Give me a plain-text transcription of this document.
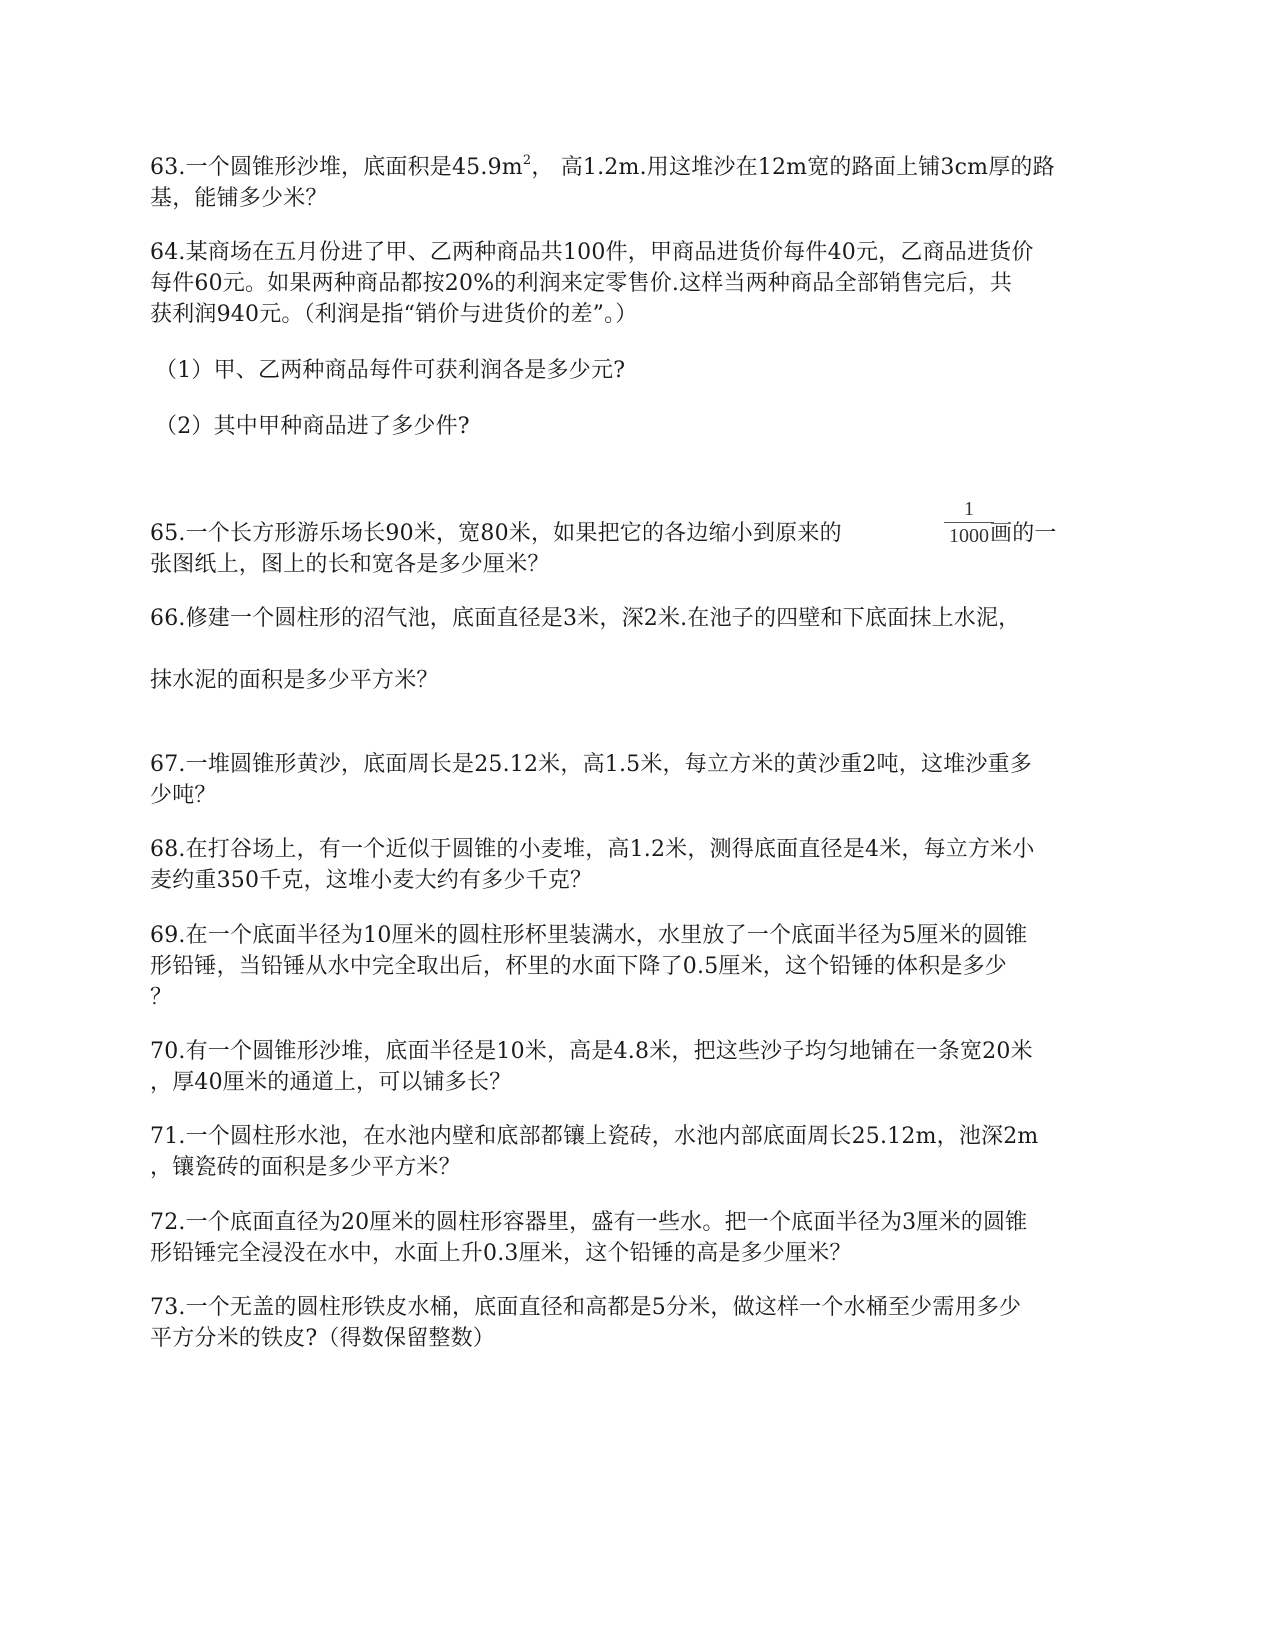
63.一个圆锥形沙堆，底面积是$45.9m^2$， 高1.2m.用这堆沙在12m宽的路面上铺3cm厚的路
基，能铺多少米？
64.某商场在五月份进了甲、乙两种商品共100件，甲商品进货价每件40元，乙商品进货价
每件60元。如果两种商品都按20%的利润来定零售价.这样当两种商品全部销售完后，共
获利润940元。（利润是指“销价与进货价的差”。）
（1）甲、乙两种商品每件可获利润各是多少元?
（2）其中甲种商品进了多少件?
1
1000
65.一个长方形游乐场长90米，宽80米，如果把它的各边缩小到原来的	画的一
张图纸上，图上的长和宽各是多少厘米？
66.修建一个圆柱形的沼气池，底面直径是3米，深2米.在池子的四壁和下底面抹上水泥，
抹水泥的面积是多少平方米？
67.一堆圆锥形黄沙，底面周长是25.12米，高1.5米，每立方米的黄沙重2吨，这堆沙重多
少吨？
68.在打谷场上，有一个近似于圆锥的小麦堆，高1.2米，测得底面直径是4米，每立方米小
麦约重350千克，这堆小麦大约有多少千克？
69.在一个底面半径为10厘米的圆柱形杯里装满水，水里放了一个底面半径为5厘米的圆锥
形铅锤，当铅锤从水中完全取出后，杯里的水面下降了0.5厘米，这个铅锤的体积是多少
？
70.有一个圆锥形沙堆，底面半径是10米，高是4.8米，把这些沙子均匀地铺在一条宽20米
，厚40厘米的通道上，可以铺多长？
71.一个圆柱形水池，在水池内壁和底部都镶上瓷砖，水池内部底面周长25.12m，池深2m
，镶瓷砖的面积是多少平方米？
72.一个底面直径为20厘米的圆柱形容器里，盛有一些水。把一个底面半径为3厘米的圆锥
形铅锤完全浸没在水中，水面上升0.3厘米，这个铅锤的高是多少厘米？
73.一个无盖的圆柱形铁皮水桶，底面直径和高都是5分米，做这样一个水桶至少需用多少
平方分米的铁皮?（得数保留整数）
